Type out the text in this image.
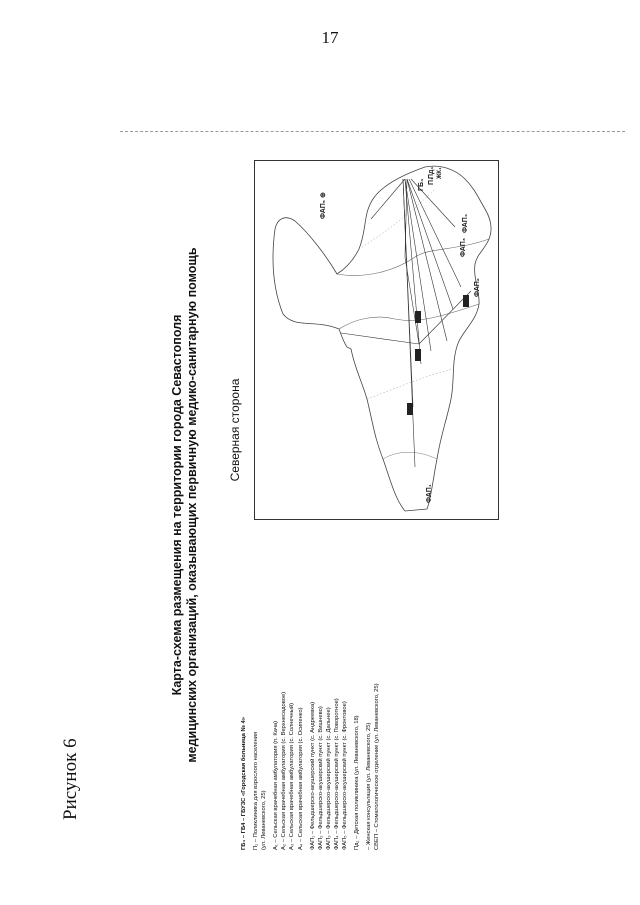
17
Рисунок 6
Карта-схема размещения на территории города Севастополя медицинских организаций, оказывающих первичную медико-санитарную помощь
ГБ₄ – ГБ4 – ГБУЗС «Городская больница № 4» П₁ – Поликлиника для взрослого населения (ул. Леваневского, 25) А₁ – Сельская врачебная амбулатория (п. Кача) А₂ – Сельская врачебная амбулатория (с. Верхнесадовое) А₃ – Сельская врачебная амбулатория (с. Солнечный) А₄ – Сельская врачебная амбулатория (с. Осипенко) ФАП₁ – Фельдшерско-акушерский пункт (с. Андреевка) ФАП₂ – Фельдшерско-акушерский пункт (с. Вишнево) ФАП₃ – Фельдшерско-акушерский пункт (с. Дальнее) ФАП₄ – Фельдшерско-акушерский пункт (с. Поворотное) ФАП₅ – Фельдшерско-акушерский пункт (с. Фронтовое) Пд₁ – Детская поликлиника (ул. Леваневского, 18) – Женская консультация (ул. Леваневского, 25) СВЕП – Стоматологическое отделение (ул. Леваневского, 25)
Северная сторона
ГБ₄ П₁
Пд₁ ЖК₁
ФАП₁
ФАП₂
ФАП₃
ФАП₄
ФАП₅ ⊕
